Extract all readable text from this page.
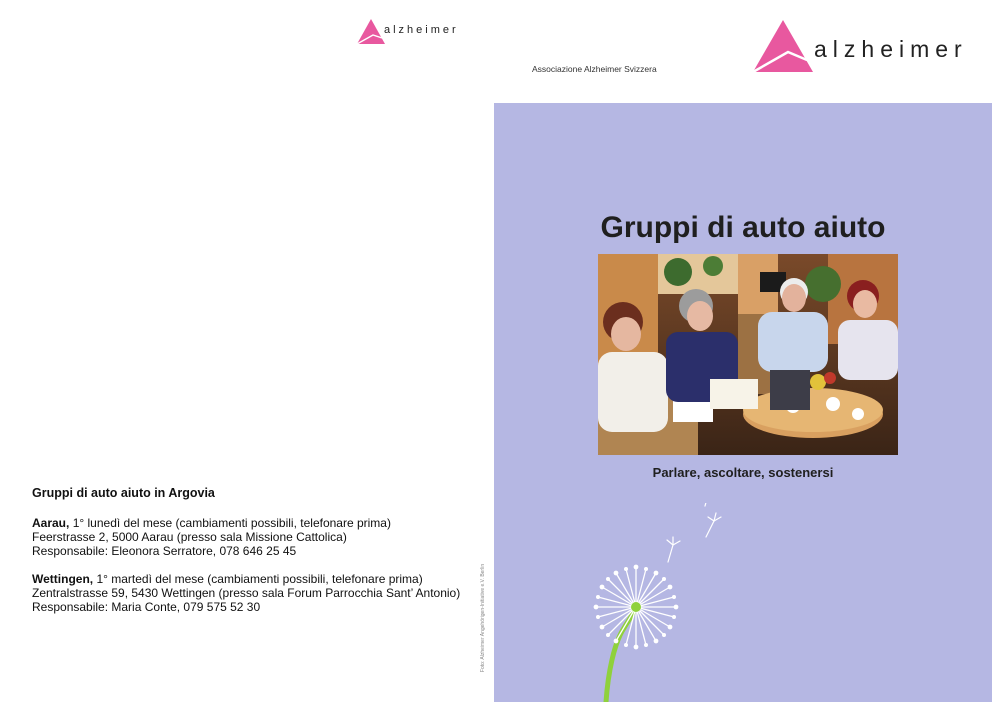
alzheimer
Gruppi di auto aiuto in Argovia
Aarau, 1° lunedì del mese (cambiamenti possibili, telefonare prima)
Feerstrasse 2, 5000 Aarau (presso sala Missione Cattolica)
Responsabile: Eleonora Serratore, 078 646 25 45
Wettingen, 1° martedì del mese (cambiamenti possibili, telefonare prima)
Zentralstrasse 59, 5430 Wettingen (presso sala Forum Parrocchia Sant’ Antonio)
Responsabile: Maria Conte, 079 575 52 30	Foto: Alzheimer Angehörigen-Initiative e.V. Berlin
Associazione Alzheimer Svizzera
alzheimer
Gruppi di auto aiuto
Parlare, ascoltare, sostenersi
